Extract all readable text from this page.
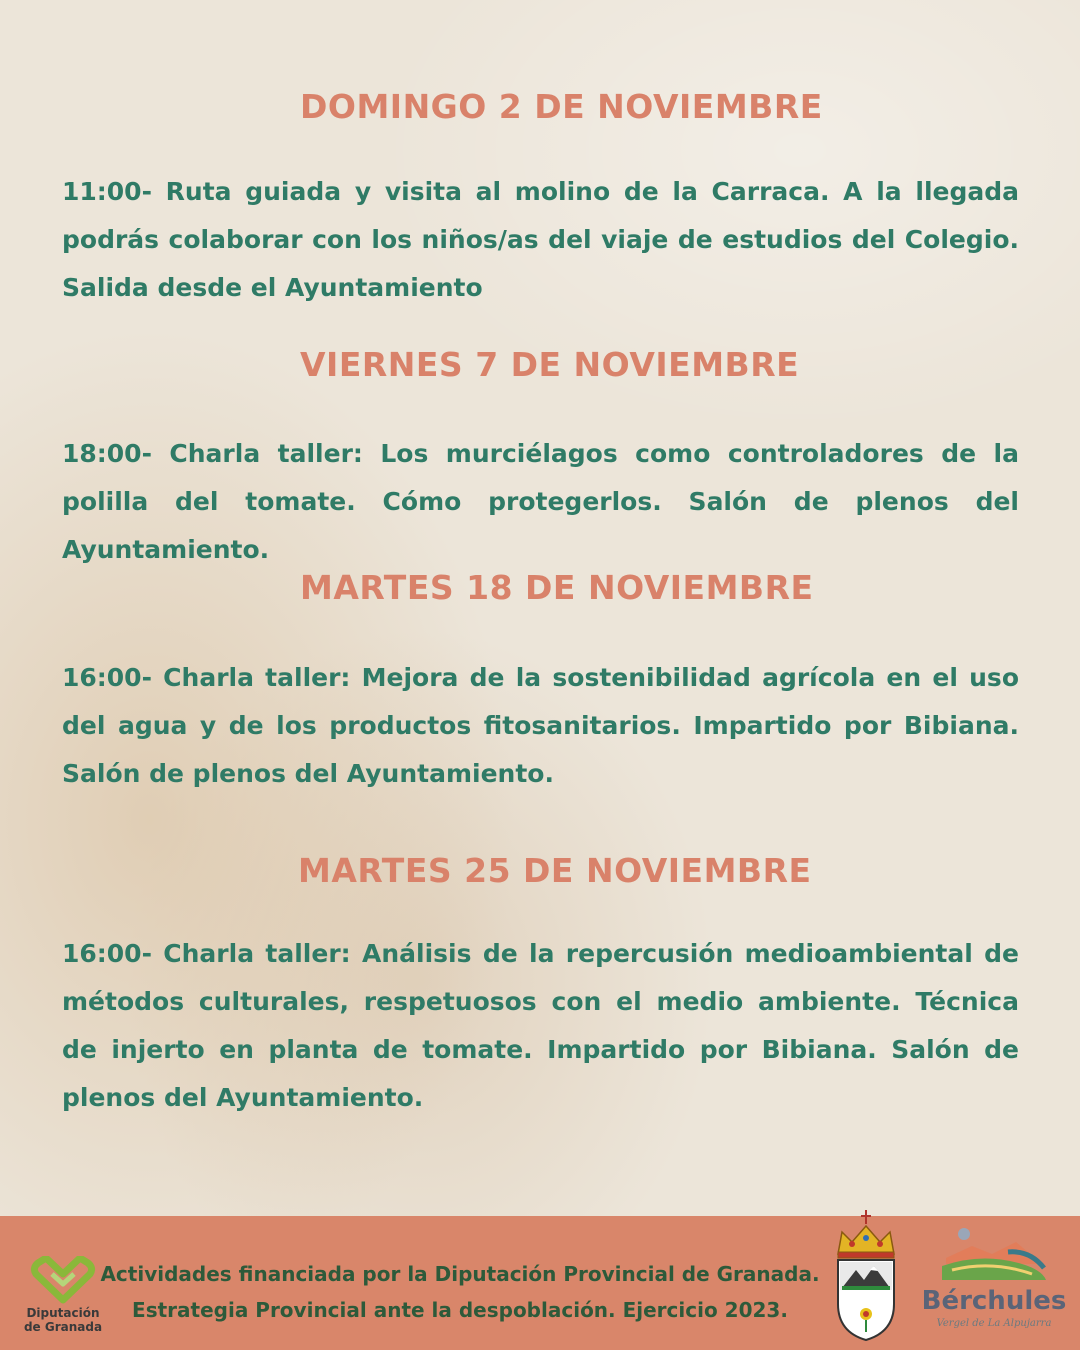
DOMINGO 2 DE NOVIEMBRE

11:00- Ruta guiada y visita al molino de la Carraca. A la llegada podrás colaborar con los niños/as del viaje de estudios del Colegio. Salida desde el Ayuntamiento

VIERNES 7 DE NOVIEMBRE

18:00- Charla taller: Los murciélagos como controladores de la polilla del tomate. Cómo protegerlos. Salón de plenos del Ayuntamiento.

MARTES 18 DE NOVIEMBRE

16:00- Charla taller: Mejora de la sostenibilidad agrícola en el uso del agua y de los productos fitosanitarios. Impartido por Bibiana. Salón de plenos del Ayuntamiento.

MARTES 25 DE NOVIEMBRE

16:00- Charla taller: Análisis de la repercusión medioambiental de métodos culturales, respetuosos con el medio ambiente. Técnica de injerto en planta de tomate. Impartido por Bibiana. Salón de plenos del Ayuntamiento.

Diputación
de Granada
Actividades financiada por la Diputación Provincial de Granada.
Estrategia Provincial ante la despoblación. Ejercicio 2023.	Bérchules
Vergel de La Alpujarra
